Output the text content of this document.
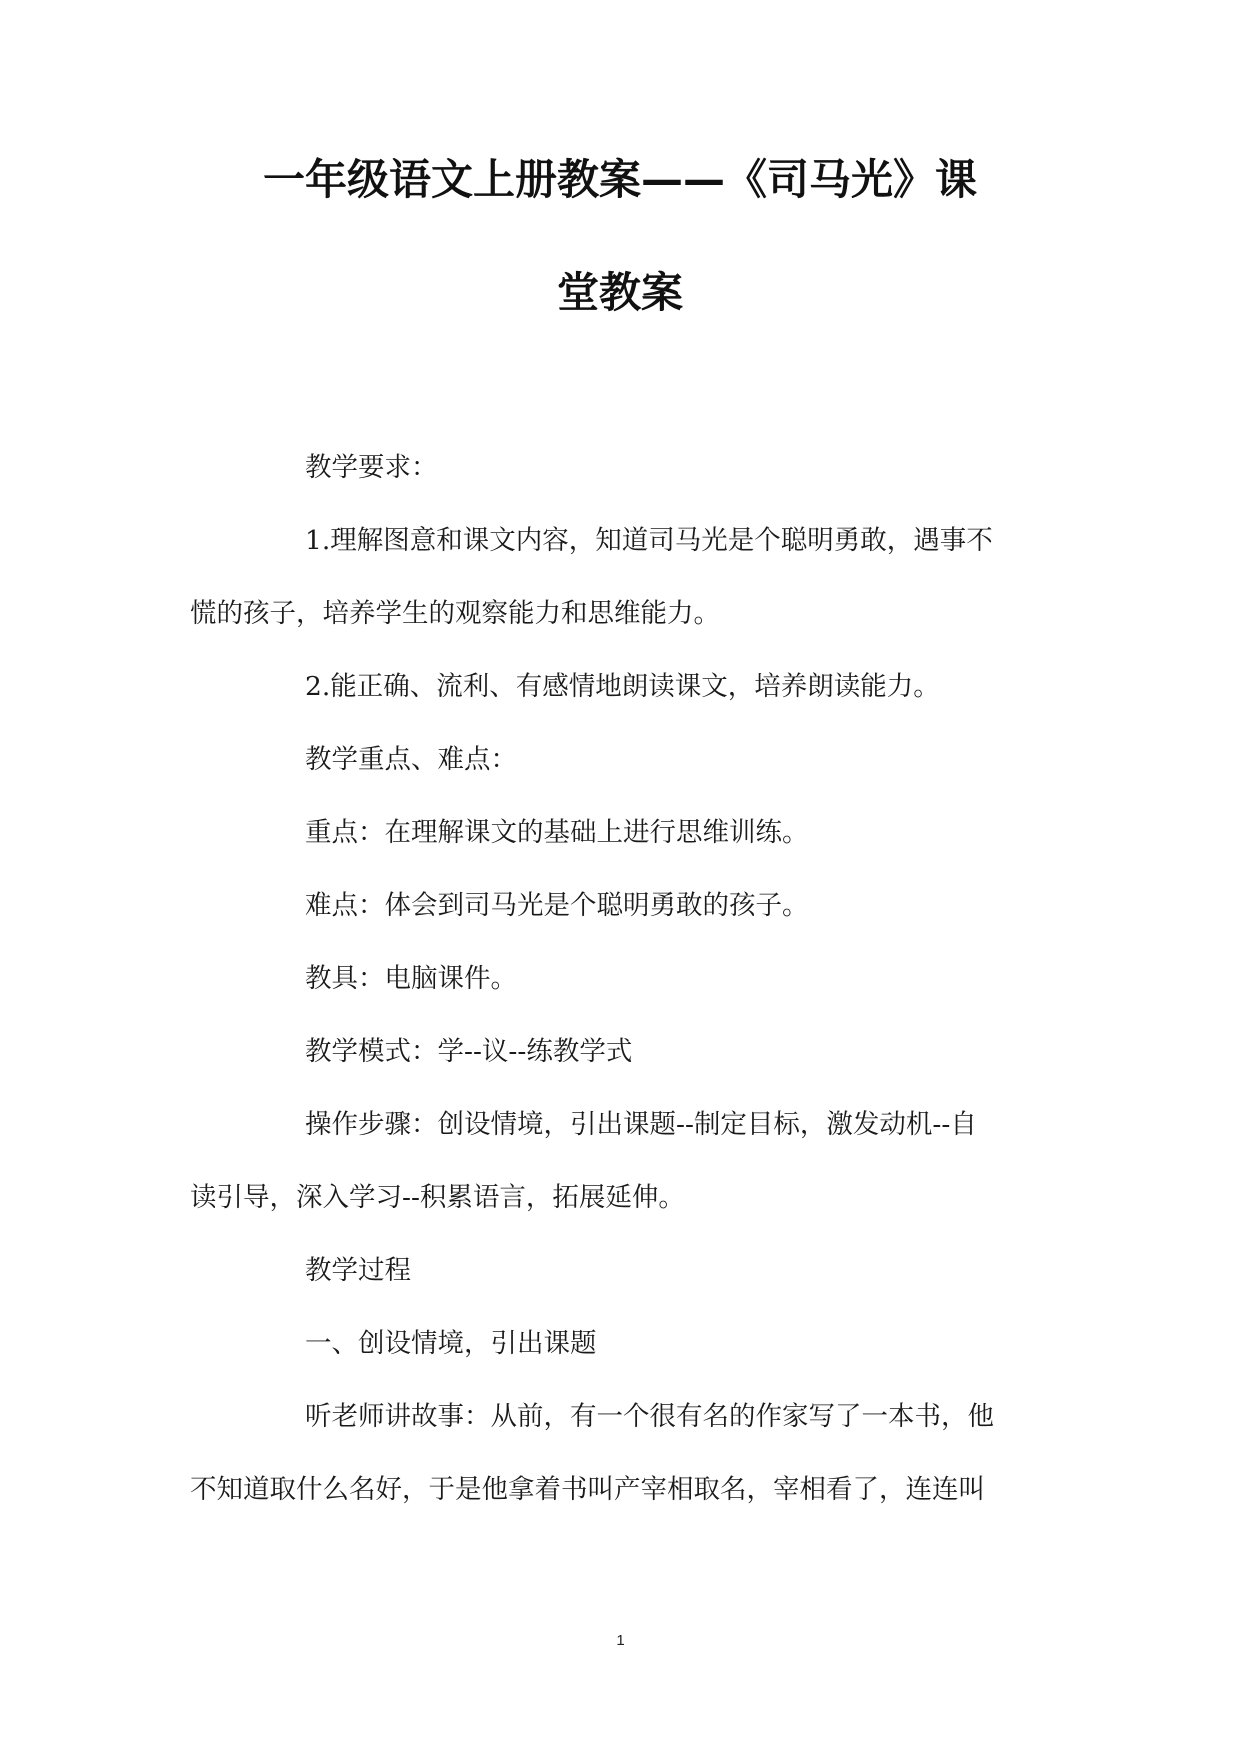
一年级语文上册教案——《司马光》课
堂教案
教学要求：
1.理解图意和课文内容，知道司马光是个聪明勇敢，遇事不
慌的孩子，培养学生的观察能力和思维能力。
2.能正确、流利、有感情地朗读课文，培养朗读能力。
教学重点、难点：
重点：在理解课文的基础上进行思维训练。
难点：体会到司马光是个聪明勇敢的孩子。
教具：电脑课件。
教学模式：学--议--练教学式
操作步骤：创设情境，引出课题--制定目标，激发动机--自
读引导，深入学习--积累语言，拓展延伸。
教学过程
一、创设情境，引出课题
听老师讲故事：从前，有一个很有名的作家写了一本书，他
不知道取什么名好，于是他拿着书叫产宰相取名，宰相看了，连连叫
1
